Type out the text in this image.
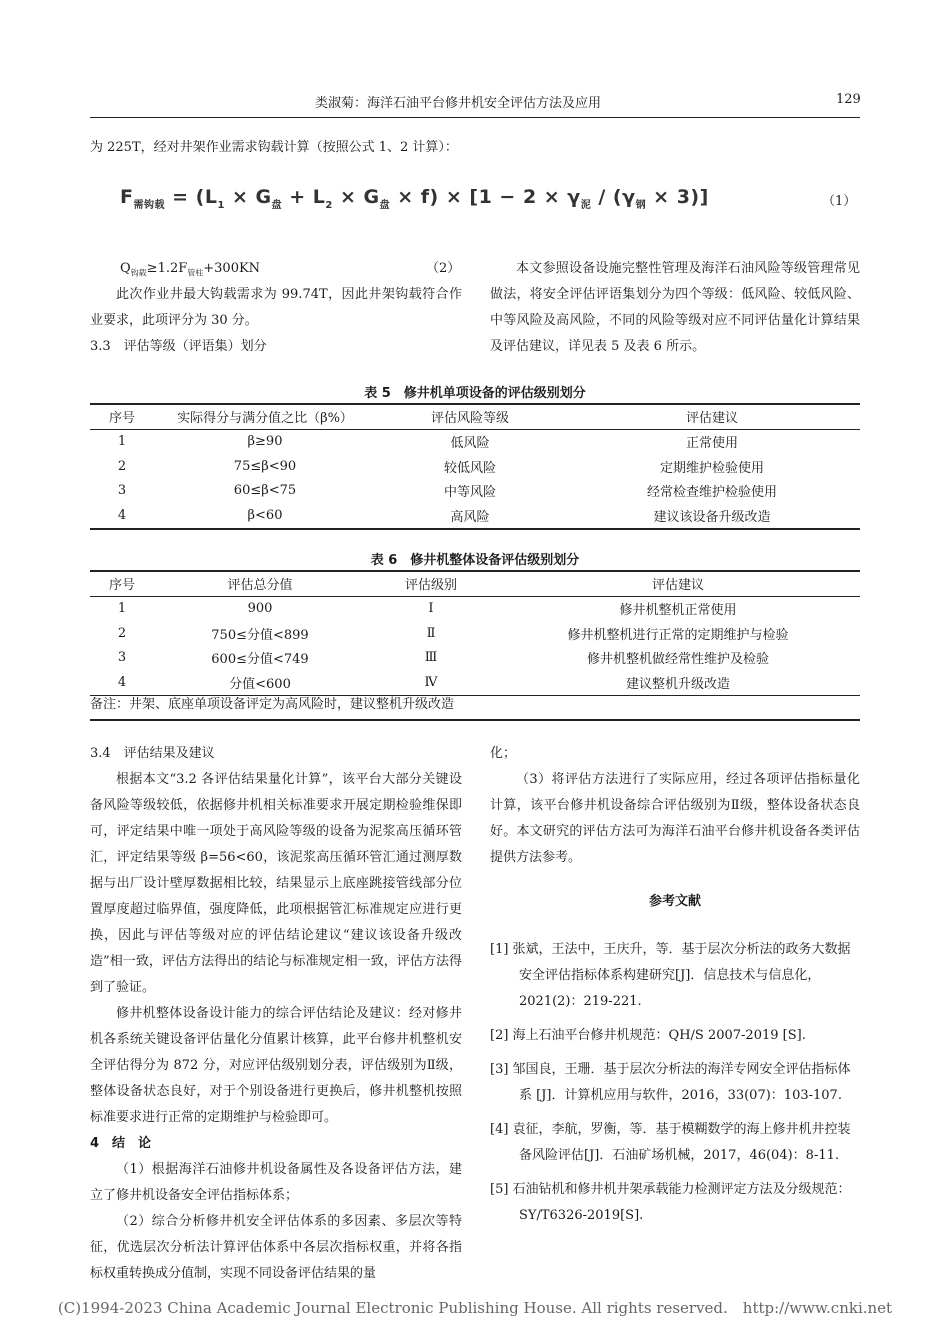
类淑菊：海洋石油平台修井机安全评估方法及应用	129
为 225T，经对井架作业需求钩载计算（按照公式 1、2 计算）：
$F_{需钩载} = (L_1 \times G_盘 + L_2 \times G_盘 \times f) \times [1 - 2 \times \gamma_泥 / (\gamma_钢 \times 3)]$	（1）
$Q_{钩载}\ge 1.2F_{管柱}+300KN$	（2）

此次作业井最大钩载需求为 99.74T，因此井架钩载符合作业要求，此项评分为 30 分。

3.3　评估等级（评语集）划分

本文参照设备设施完整性管理及海洋石油风险等级管理常见做法，将安全评估评语集划分为四个等级：低风险、较低风险、中等风险及高风险，不同的风险等级对应不同评估量化计算结果及评估建议，详见表 5 及表 6 所示。

表 5　修井机单项设备的评估级别划分
序号	实际得分与满分值之比（β%）	评估风险等级	评估建议
1	β≥90	低风险	正常使用
2	75≤β<90	较低风险	定期维护检验使用
3	60≤β<75	中等风险	经常检查维护检验使用
4	β<60	高风险	建议该设备升级改造
表 6　修井机整体设备评估级别划分
序号	评估总分值	评估级别	评估建议
1	900	Ⅰ	修井机整机正常使用
2	750≤分值<899	Ⅱ	修井机整机进行正常的定期维护与检验
3	600≤分值<749	Ⅲ	修井机整机做经常性维护及检验
4	分值<600	Ⅳ	建议整机升级改造
备注：井架、底座单项设备评定为高风险时，建议整机升级改造

3.4　评估结果及建议

根据本文“3.2 各评估结果量化计算”，该平台大部分关键设备风险等级较低，依据修井机相关标准要求开展定期检验维保即可，评定结果中唯一项处于高风险等级的设备为泥浆高压循环管汇，评定结果等级 β=56<60，该泥浆高压循环管汇通过测厚数据与出厂设计壁厚数据相比较，结果显示上底座跳接管线部分位置厚度超过临界值，强度降低，此项根据管汇标准规定应进行更换，因此与评估等级对应的评估结论建议“建议该设备升级改造”相一致，评估方法得出的结论与标准规定相一致，评估方法得到了验证。

修井机整体设备设计能力的综合评估结论及建议：经对修井机各系统关键设备评估量化分值累计核算，此平台修井机整机安全评估得分为 872 分，对应评估级别划分表，评估级别为Ⅱ级，整体设备状态良好，对于个别设备进行更换后，修井机整机按照标准要求进行正常的定期维护与检验即可。

4　结　论

（1）根据海洋石油修井机设备属性及各设备评估方法，建立了修井机设备安全评估指标体系；

（2）综合分析修井机安全评估体系的多因素、多层次等特征，优选层次分析法计算评估体系中各层次指标权重，并将各指标权重转换成分值制，实现不同设备评估结果的量

化；

（3）将评估方法进行了实际应用，经过各项评估指标量化计算，该平台修井机设备综合评估级别为Ⅱ级，整体设备状态良好。本文研究的评估方法可为海洋石油平台修井机设备各类评估提供方法参考。

参考文献

[1] 张斌，王法中，王庆升，等．基于层次分析法的政务大数据安全评估指标体系构建研究[J]．信息技术与信息化，2021(2)：219-221.

[2] 海上石油平台修井机规范：QH/S 2007-2019 [S].

[3] 邹国良，王珊．基于层次分析法的海洋专网安全评估指标体系 [J]．计算机应用与软件，2016，33(07)：103-107.

[4] 袁征，李航，罗衡，等．基于模糊数学的海上修井机井控装备风险评估[J]．石油矿场机械，2017，46(04)：8-11.

[5] 石油钻机和修井机井架承载能力检测评定方法及分级规范：SY/T6326-2019[S].

(C)1994-2023 China Academic Journal Electronic Publishing House. All rights reserved.　http://www.cnki.net
